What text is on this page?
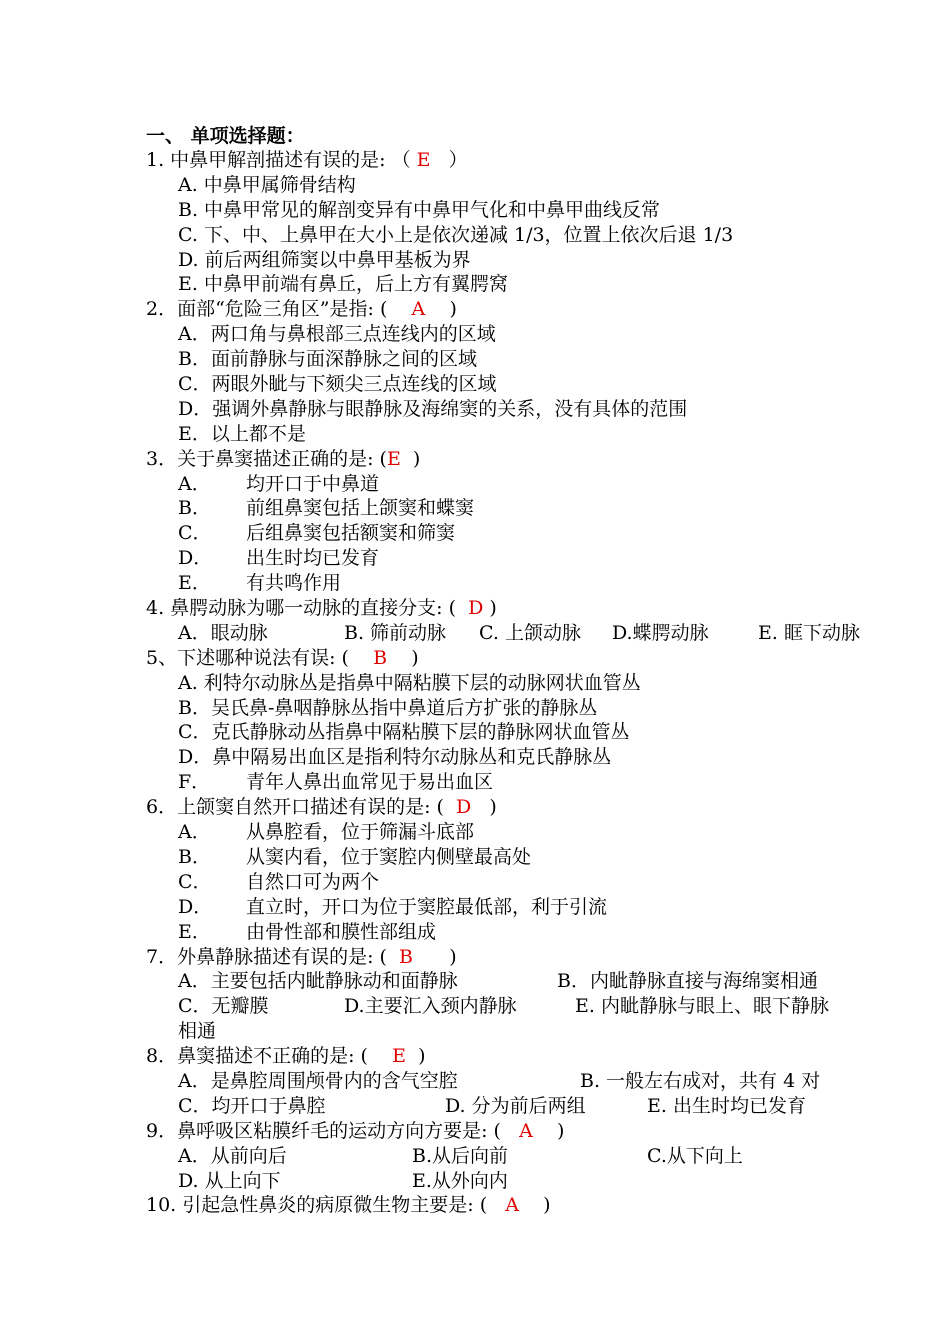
一、 单项选择题：
1. 中鼻甲解剖描述有误的是: （ E ）
A. 中鼻甲属筛骨结构
B. 中鼻甲常见的解剖变异有中鼻甲气化和中鼻甲曲线反常
C. 下、中、上鼻甲在大小上是依次递减 1/3，位置上依次后退 1/3
D. 前后两组筛窦以中鼻甲基板为界
E. 中鼻甲前端有鼻丘，后上方有翼腭窝
2．面部“危险三角区”是指: ( A )
A．两口角与鼻根部三点连线内的区域
B．面前静脉与面深静脉之间的区域
C．两眼外眦与下颏尖三点连线的区域
D．强调外鼻静脉与眼静脉及海绵窦的关系，没有具体的范围
E．以上都不是
3．关于鼻窦描述正确的是: (E )
A． 均开口于中鼻道
B． 前组鼻窦包括上颌窦和蝶窦
C． 后组鼻窦包括额窦和筛窦
D． 出生时均已发育
E． 有共鸣作用
4. 鼻腭动脉为哪一动脉的直接分支: ( D )
A．眼动脉	B. 筛前动脉 C. 上颌动脉 D.蝶腭动脉	E. 眶下动脉
5、下述哪种说法有误: ( B )
A. 利特尔动脉丛是指鼻中隔粘膜下层的动脉网状血管丛
B．吴氏鼻-鼻咽静脉丛指中鼻道后方扩张的静脉丛
C．克氏静脉动丛指鼻中隔粘膜下层的静脉网状血管丛
D．鼻中隔易出血区是指利特尔动脉丛和克氏静脉丛
F． 青年人鼻出血常见于易出血区
6．上颌窦自然开口描述有误的是: ( D )
A． 从鼻腔看，位于筛漏斗底部
B． 从窦内看，位于窦腔内侧壁最高处
C． 自然口可为两个
D． 直立时，开口为位于窦腔最低部，利于引流
E． 由骨性部和膜性部组成
7．外鼻静脉描述有误的是: ( B )
A．主要包括内眦静脉动和面静脉	B．内眦静脉直接与海绵窦相通
C．无瓣膜	D.主要汇入颈内静脉	E. 内眦静脉与眼上、眼下静脉
相通
8．鼻窦描述不正确的是: ( E )
A．是鼻腔周围颅骨内的含气空腔	B. 一般左右成对，共有 4 对
C．均开口于鼻腔	D. 分为前后两组	E. 出生时均已发育
9．鼻呼吸区粘膜纤毛的运动方向方要是: ( A )
A．从前向后	B.从后向前	C.从下向上
D. 从上向下	E.从外向内
10. 引起急性鼻炎的病原微生物主要是: ( A )
